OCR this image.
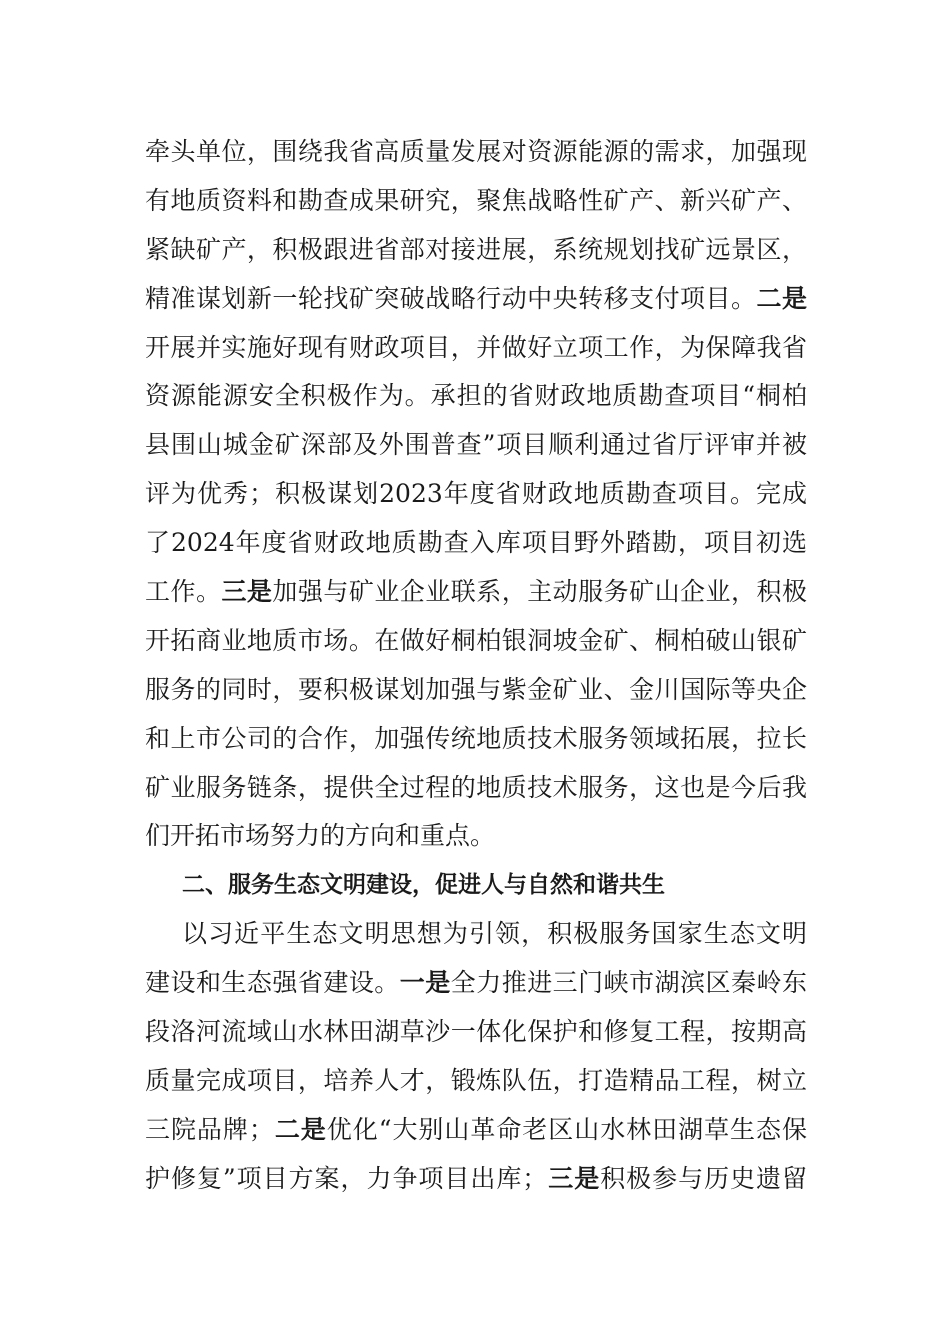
牵头单位，围绕我省高质量发展对资源能源的需求，加强现
有地质资料和勘查成果研究，聚焦战略性矿产、新兴矿产、
紧缺矿产，积极跟进省部对接进展，系统规划找矿远景区，
精准谋划新一轮找矿突破战略行动中央转移支付项目。二是
开展并实施好现有财政项目，并做好立项工作，为保障我省
资源能源安全积极作为。承担的省财政地质勘查项目“桐柏
县围山城金矿深部及外围普查”项目顺利通过省厅评审并被
评为优秀；积极谋划2023年度省财政地质勘查项目。完成
了2024年度省财政地质勘查入库项目野外踏勘，项目初选
工作。三是加强与矿业企业联系，主动服务矿山企业，积极
开拓商业地质市场。在做好桐柏银洞坡金矿、桐柏破山银矿
服务的同时，要积极谋划加强与紫金矿业、金川国际等央企
和上市公司的合作，加强传统地质技术服务领域拓展，拉长
矿业服务链条，提供全过程的地质技术服务，这也是今后我
们开拓市场努力的方向和重点。
二、服务生态文明建设，促进人与自然和谐共生
以习近平生态文明思想为引领，积极服务国家生态文明
建设和生态强省建设。一是全力推进三门峡市湖滨区秦岭东
段洛河流域山水林田湖草沙一体化保护和修复工程，按期高
质量完成项目，培养人才，锻炼队伍，打造精品工程，树立
三院品牌；二是优化“大别山革命老区山水林田湖草生态保
护修复”项目方案，力争项目出库；三是积极参与历史遗留
